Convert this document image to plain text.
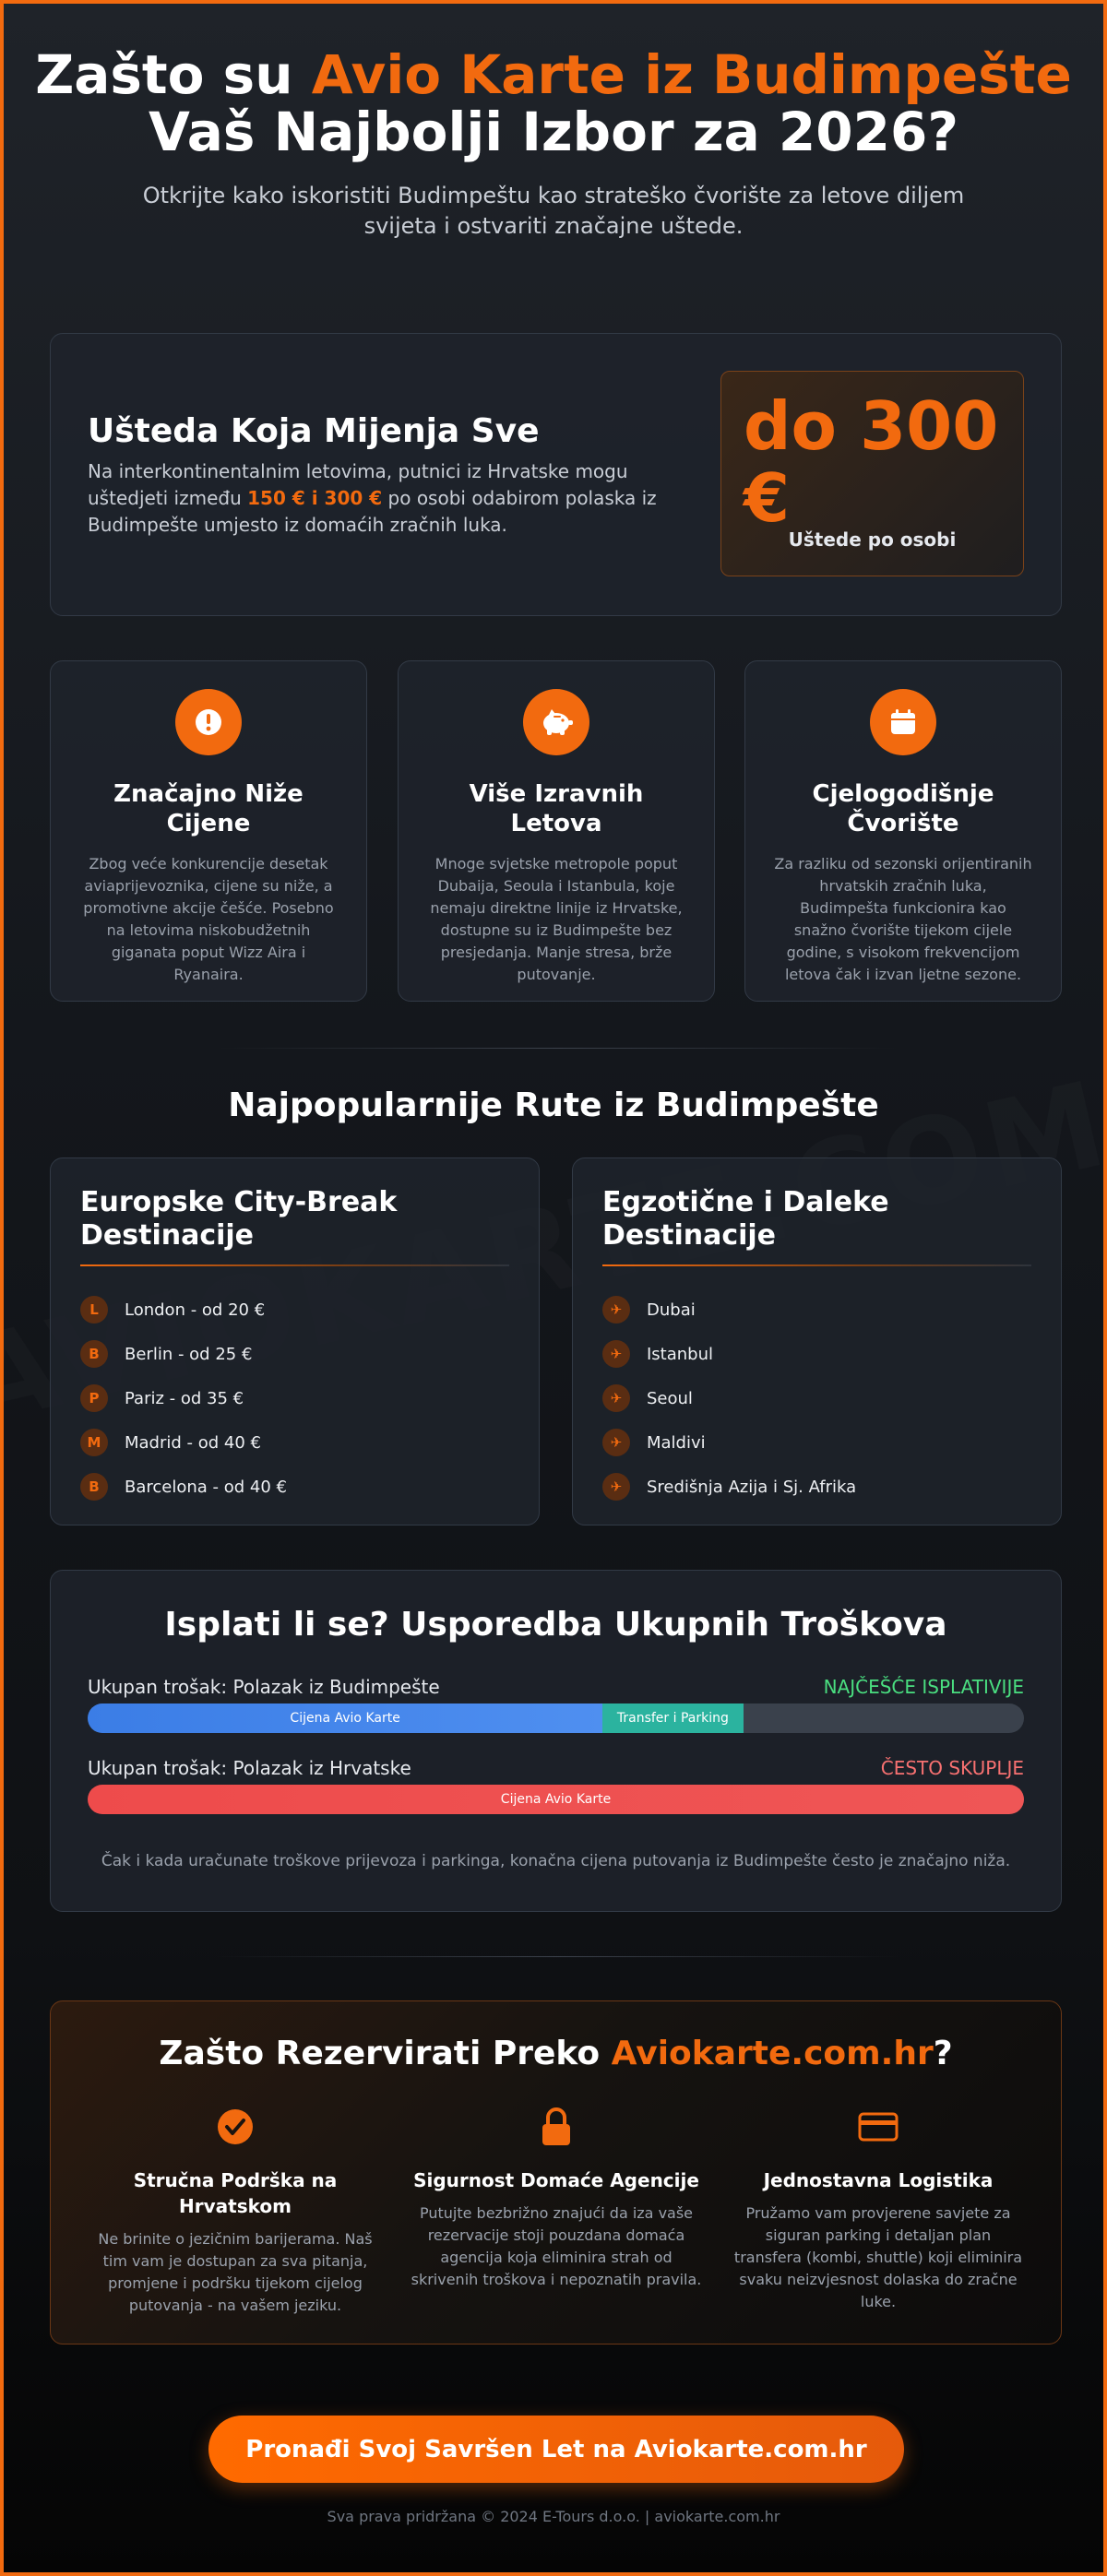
Zašto su Avio Karte iz Budimpešte Vaš Najbolji Izbor za 2026?

Otkrijte kako iskoristiti Budimpeštu kao strateško čvorište za letove diljem svijeta i ostvariti značajne uštede.

Ušteda Koja Mijenja Sve

Na interkontinentalnim letovima, putnici iz Hrvatske mogu uštedjeti između 150 € i 300 € po osobi odabirom polaska iz Budimpešte umjesto iz domaćih zračnih luka.

do 300 €
Uštede po osobi
Značajno Niže Cijene

Zbog veće konkurencije desetak aviaprijevoznika, cijene su niže, a promotivne akcije češće. Posebno na letovima niskobudžetnih giganata poput Wizz Aira i Ryanaira.

Više Izravnih Letova

Mnoge svjetske metropole poput Dubaija, Seoula i Istanbula, koje nemaju direktne linije iz Hrvatske, dostupne su iz Budimpešte bez presjedanja. Manje stresa, brže putovanje.

Cjelogodišnje Čvorište

Za razliku od sezonski orijentiranih hrvatskih zračnih luka, Budimpešta funkcionira kao snažno čvorište tijekom cijele godine, s visokom frekvencijom letova čak i izvan ljetne sezone.

Najpopularnije Rute iz Budimpešte
Europske City-Break Destinacije
L	London - od 20 €
B	Berlin - od 25 €
P	Pariz - od 35 €
M	Madrid - od 40 €
B	Barcelona - od 40 €
Egzotične i Daleke Destinacije
✈	Dubai
✈	Istanbul
✈	Seoul
✈	Maldivi
✈	Središnja Azija i Sj. Afrika
Isplati li se? Usporedba Ukupnih Troškova
Ukupan trošak: Polazak iz Budimpešte	NAJČEŠĆE ISPLATIVIJE
Cijena Avio Karte	Transfer i Parking
Ukupan trošak: Polazak iz Hrvatske	ČESTO SKUPLJE
Cijena Avio Karte

Čak i kada uračunate troškove prijevoza i parkinga, konačna cijena putovanja iz Budimpešte često je značajno niža.

Zašto Rezervirati Preko Aviokarte.com.hr?
Stručna Podrška na Hrvatskom

Ne brinite o jezičnim barijerama. Naš tim vam je dostupan za sva pitanja, promjene i podršku tijekom cijelog putovanja - na vašem jeziku.

Sigurnost Domaće Agencije

Putujte bezbrižno znajući da iza vaše rezervacije stoji pouzdana domaća agencija koja eliminira strah od skrivenih troškova i nepoznatih pravila.

Jednostavna Logistika

Pružamo vam provjerene savjete za siguran parking i detaljan plan transfera (kombi, shuttle) koji eliminira svaku neizvjesnost dolaska do zračne luke.

Pronađi Svoj Savršen Let na Aviokarte.com.hr
Sva prava pridržana © 2024 E-Tours d.o.o. | aviokarte.com.hr
